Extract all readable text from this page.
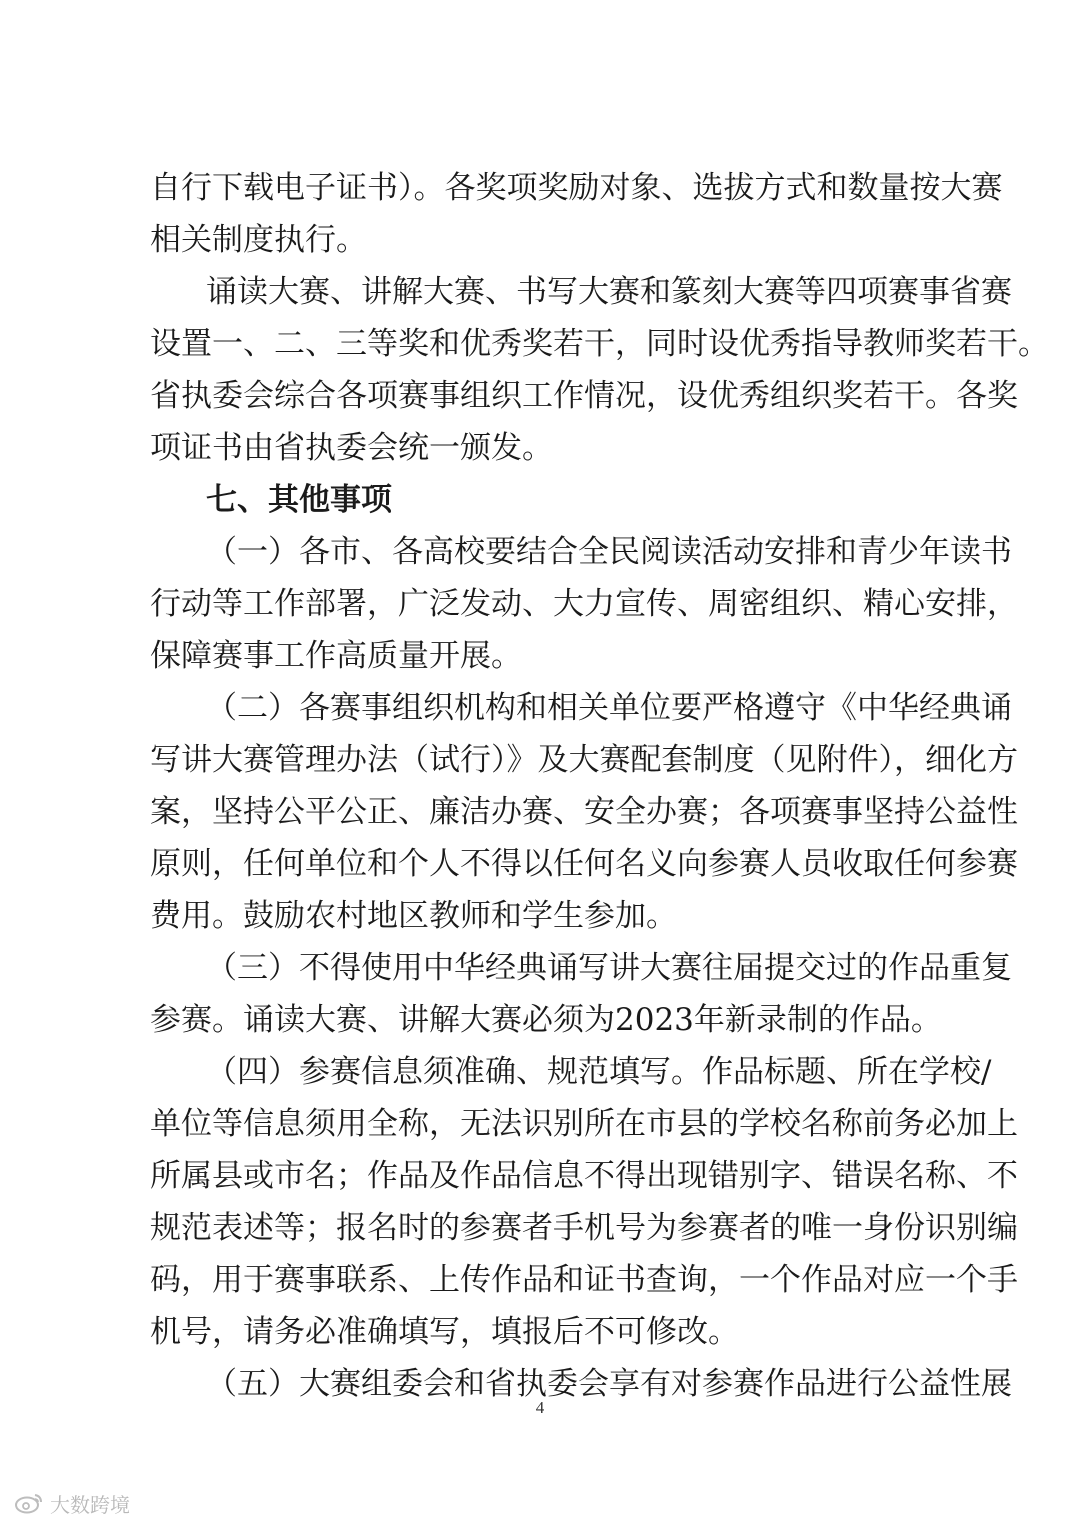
自行下载电子证书）。各奖项奖励对象、选拔方式和数量按大赛
相关制度执行。
诵读大赛、讲解大赛、书写大赛和篆刻大赛等四项赛事省赛
设置一、二、三等奖和优秀奖若干，同时设优秀指导教师奖若干。
省执委会综合各项赛事组织工作情况，设优秀组织奖若干。各奖
项证书由省执委会统一颁发。
七、其他事项
（一）各市、各高校要结合全民阅读活动安排和青少年读书
行动等工作部署，广泛发动、大力宣传、周密组织、精心安排，
保障赛事工作高质量开展。
（二）各赛事组织机构和相关单位要严格遵守《中华经典诵
写讲大赛管理办法（试行）》及大赛配套制度（见附件），细化方
案，坚持公平公正、廉洁办赛、安全办赛；各项赛事坚持公益性
原则，任何单位和个人不得以任何名义向参赛人员收取任何参赛
费用。鼓励农村地区教师和学生参加。
（三）不得使用中华经典诵写讲大赛往届提交过的作品重复
参赛。诵读大赛、讲解大赛必须为2023年新录制的作品。
（四）参赛信息须准确、规范填写。作品标题、所在学校/
单位等信息须用全称，无法识别所在市县的学校名称前务必加上
所属县或市名；作品及作品信息不得出现错别字、错误名称、不
规范表述等；报名时的参赛者手机号为参赛者的唯一身份识别编
码，用于赛事联系、上传作品和证书查询，一个作品对应一个手
机号，请务必准确填写，填报后不可修改。
（五）大赛组委会和省执委会享有对参赛作品进行公益性展
4
大数跨境
